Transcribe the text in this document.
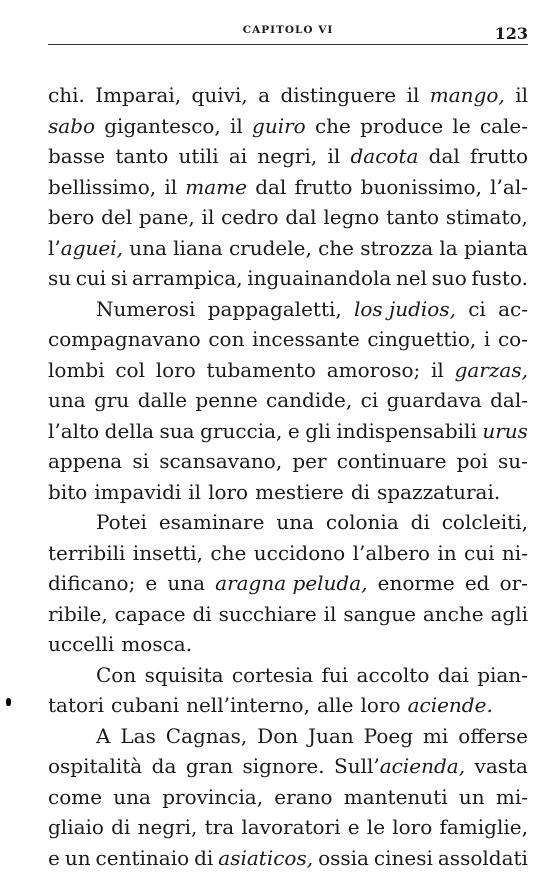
CAPITOLO VI	123
chi. Imparai, quivi, a distinguere il mango, il
sabo gigantesco, il guiro che produce le cale-
basse tanto utili ai negri, il dacota dal frutto
bellissimo, il mame dal frutto buonissimo, l’al-
bero del pane, il cedro dal legno tanto stimato,
l’aguei, una liana crudele, che strozza la pianta
su cui si arrampica, inguainandola nel suo fusto.
Numerosi pappagaletti, los judios, ci ac-
compagnavano con incessante cinguettio, i co-
lombi col loro tubamento amoroso; il garzas,
una gru dalle penne candide, ci guardava dal-
l’alto della sua gruccia, e gli indispensabili urus
appena si scansavano, per continuare poi su-
bito impavidi il loro mestiere di spazzaturai.
Potei esaminare una colonia di colcleiti,
terribili insetti, che uccidono l’albero in cui ni-
dificano; e una aragna peluda, enorme ed or-
ribile, capace di succhiare il sangue anche agli
uccelli mosca.
Con squisita cortesia fui accolto dai pian-
tatori cubani nell’interno, alle loro aciende.
A Las Cagnas, Don Juan Poeg mi offerse
ospitalità da gran signore. Sull’acienda, vasta
come una provincia, erano mantenuti un mi-
gliaio di negri, tra lavoratori e le loro famiglie,
e un centinaio di asiaticos, ossia cinesi assoldati
